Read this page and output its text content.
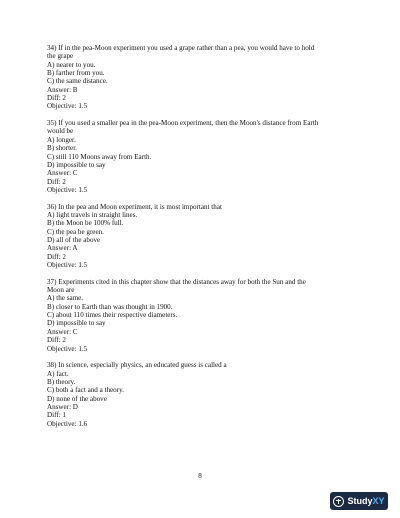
34) If in the pea-Moon experiment you used a grape rather than a pea, you would have to hold
the grape
A) nearer to you.
B) farther from you.
C) the same distance.
Answer: B
Diff: 2
Objective: 1.5
35) If you used a smaller pea in the pea-Moon experiment, then the Moon's distance from Earth
would be
A) longer.
B) shorter.
C) still 110 Moons away from Earth.
D) impossible to say
Answer: C
Diff: 2
Objective: 1.5
36) In the pea and Moon experiment, it is most important that
A) light travels in straight lines.
B) the Moon be 100% full.
C) the pea be green.
D) all of the above
Answer: A
Diff: 2
Objective: 1.5
37) Experiments cited in this chapter show that the distances away for both the Sun and the
Moon are
A) the same.
B) closer to Earth than was thought in 1900.
C) about 110 times their respective diameters.
D) impossible to say
Answer: C
Diff: 2
Objective: 1.5
38) In science, especially physics, an educated guess is called a
A) fact.
B) theory.
C) both a fact and a theory.
D) none of the above
Answer: D
Diff: 1
Objective: 1.6
8
StudyXY
